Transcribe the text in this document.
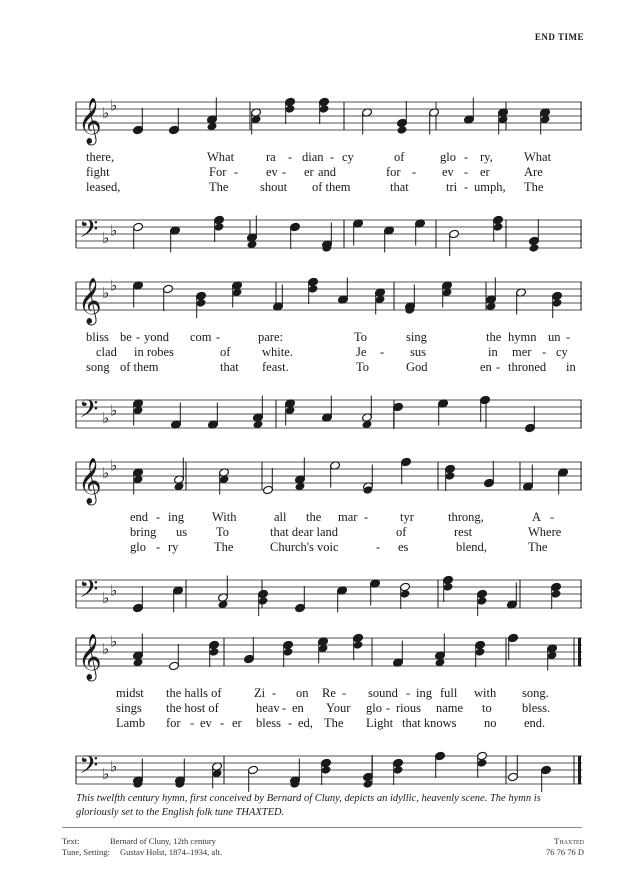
END TIME
𝄞 ♭ ♭
there,	What	ra - dian - cy	of	glo - ry,	What
fight	For - ev - er and	for - ev - er	Are
leased,	The	shout of them	that	tri - umph, The
𝄢 ♭ ♭
𝄞 ♭ ♭
bliss be - yond com -	pare:	To	sing	the hymn un -
clad in robes	of	white.	Je - sus	in mer - cy
song of them	that feast.	To	God	en - throned in
𝄢 ♭ ♭
𝄞 ♭ ♭
end - ing With	all the mar -	tyr	throng,	A -
bring us To	that dear land	of	rest	Where
glo - ry	The	Church's voic	- es	blend,	The
𝄢 ♭ ♭
𝄞 ♭ ♭
midst the halls of	Zi - on Re - sound - ing full with song.
sings the host of	heav - en Your glo - rious name to bless.
Lamb for - ev - er bless - ed, The Light that knows no end.
𝄢 ♭ ♭
This twelfth century hymn, first conceived by Bernard of Cluny, depicts an idyllic, heavenly scene. The hymn is gloriously set to the English folk tune THAXTED.
Text:	Bernard of Cluny, 12th century
Tune, Setting:	Gustav Holst, 1874–1934, alt.
Thaxted
76 76 76 D
